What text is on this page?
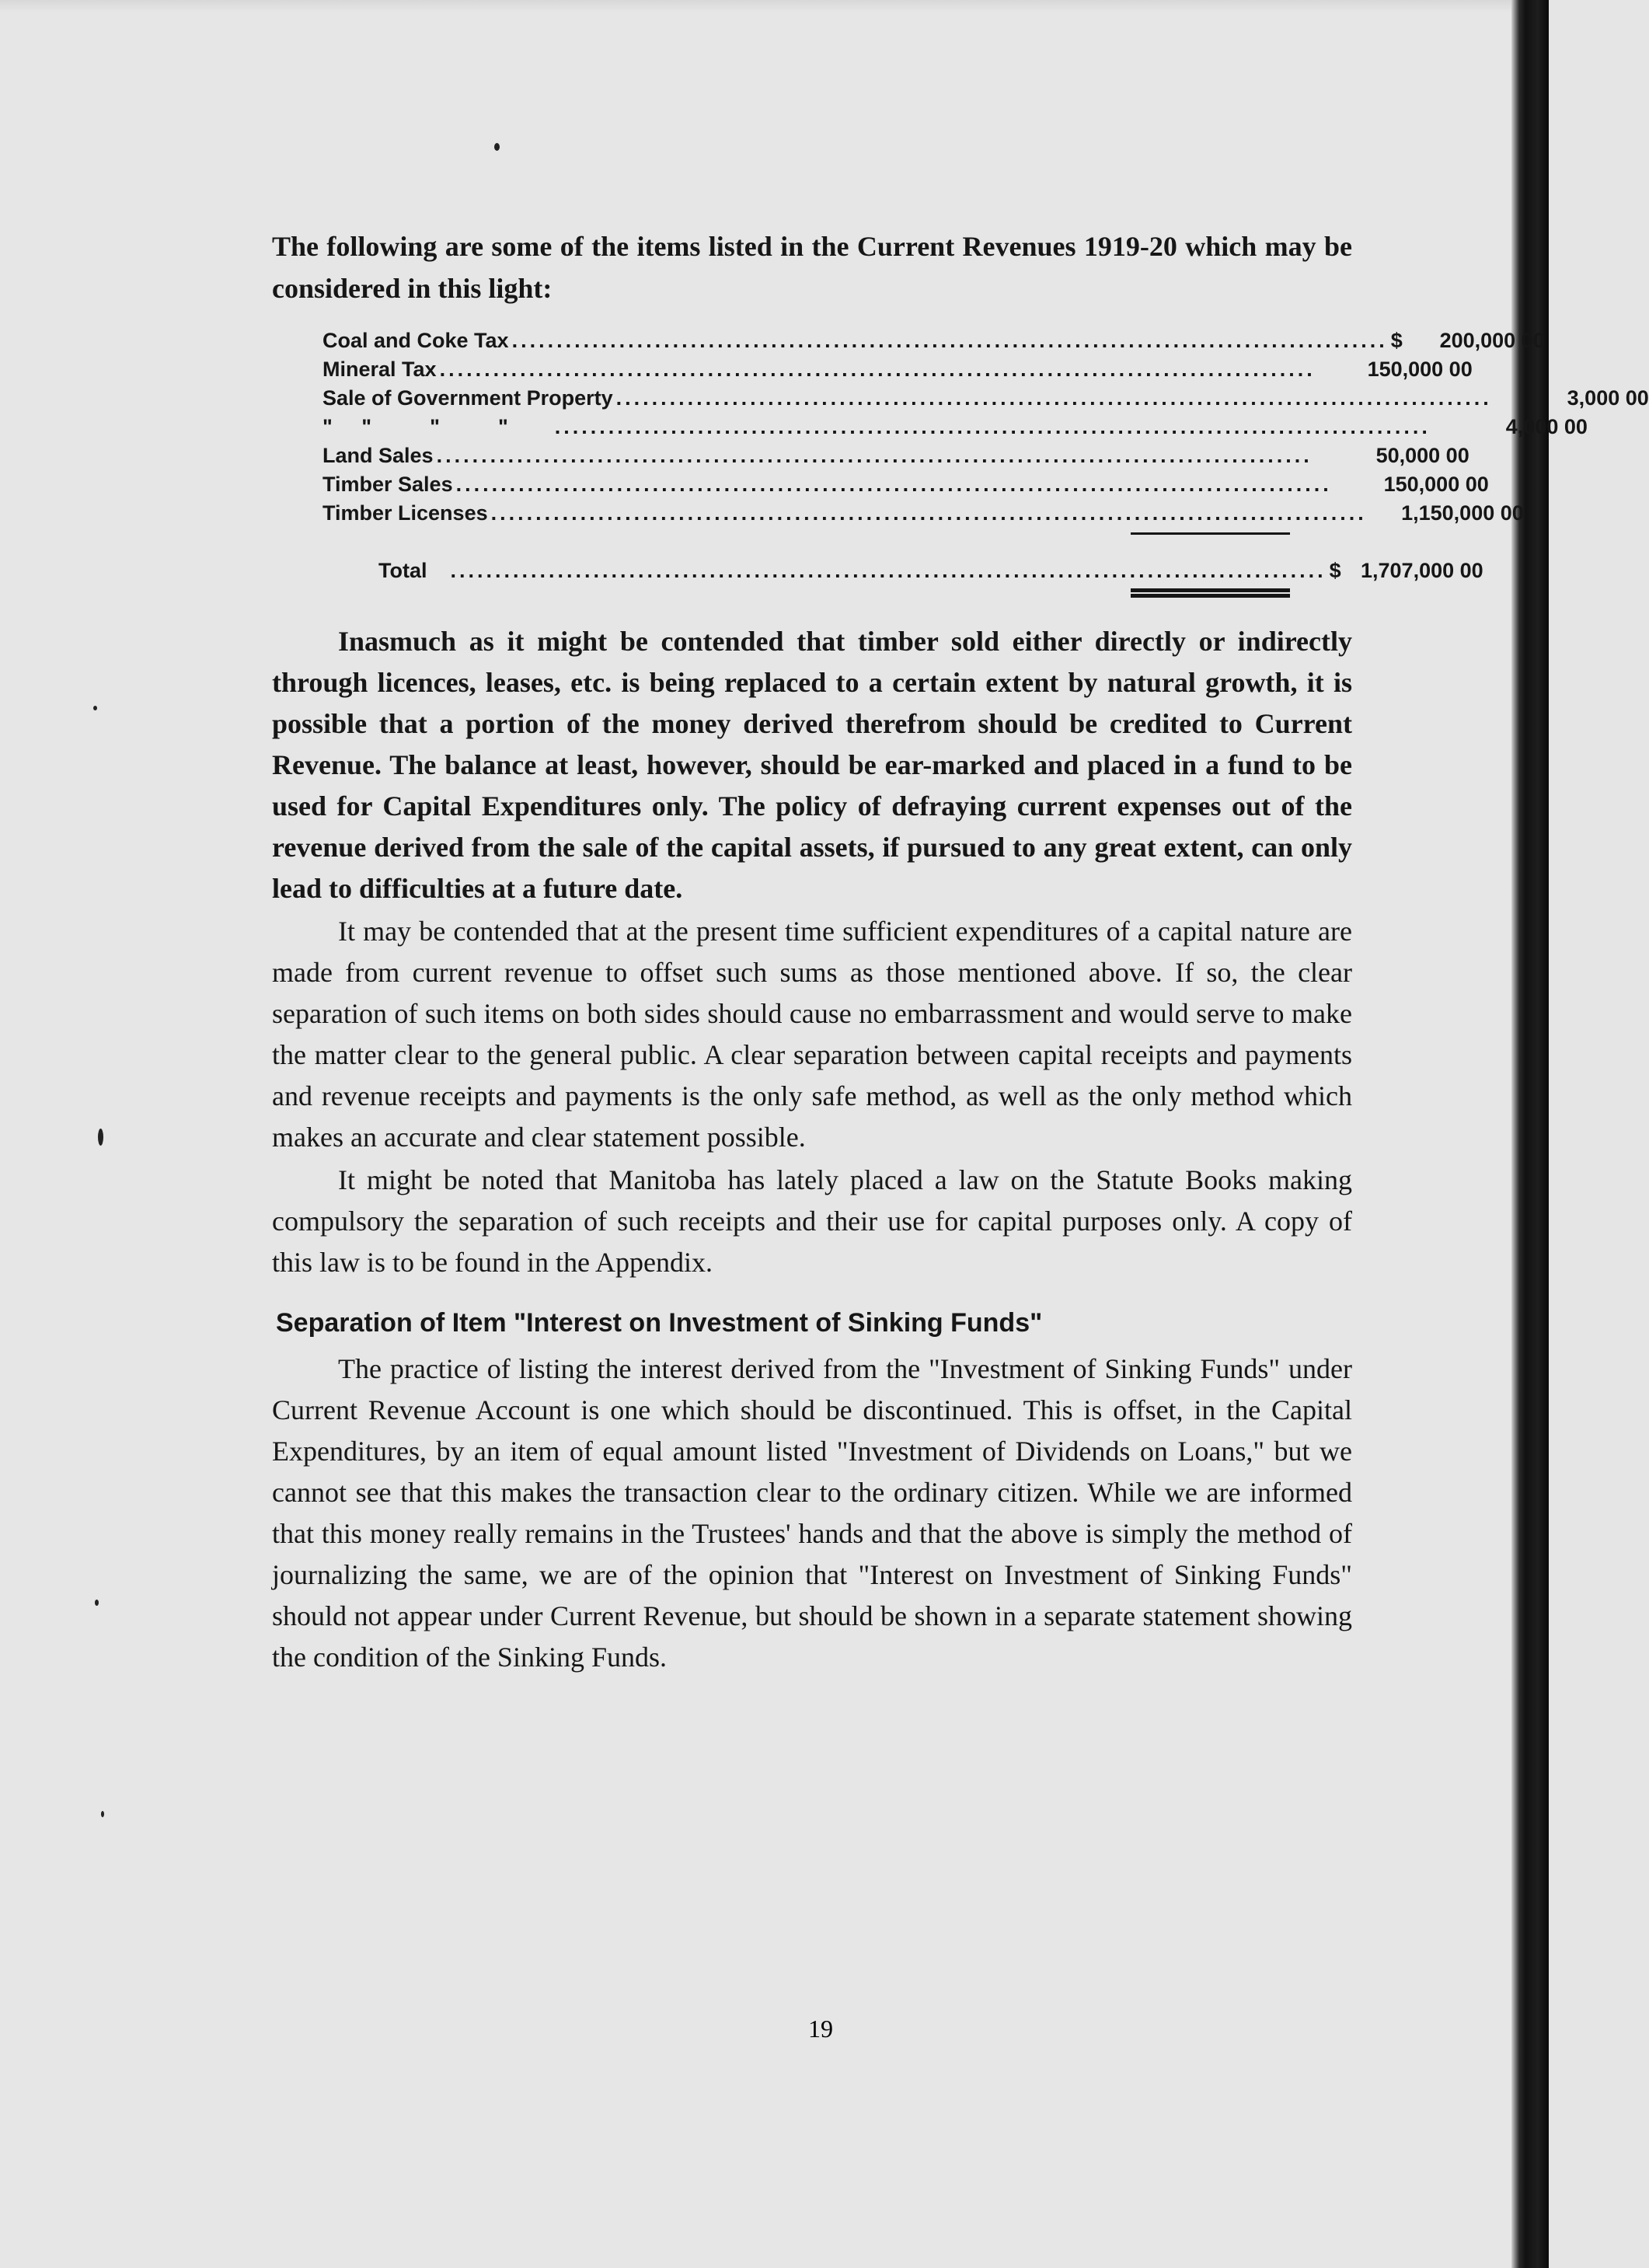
The following are some of the items listed in the Current Revenues 1919-20 which may be considered in this light:

Coal and Coke Tax .................................................................................................. $	200,000 00
Mineral Tax ..................................................................................................	150,000 00
Sale of Government Property ..................................................................................................	3,000 00
"     "          "          " ..................................................................................................	4,000 00
Land Sales ..................................................................................................	50,000 00
Timber Sales ..................................................................................................	150,000 00
Timber Licenses ..................................................................................................	1,150,000 00
Total .................................................................................................. $ 1,707,000 00

Inasmuch as it might be contended that timber sold either directly or indirectly through licences, leases, etc. is being replaced to a certain extent by natural growth, it is possible that a portion of the money derived therefrom should be credited to Current Revenue. The balance at least, however, should be ear-marked and placed in a fund to be used for Capital Expenditures only. The policy of defraying current expenses out of the revenue derived from the sale of the capital assets, if pursued to any great extent, can only lead to difficulties at a future date.

It may be contended that at the present time sufficient expenditures of a capital nature are made from current revenue to offset such sums as those mentioned above. If so, the clear separation of such items on both sides should cause no embarrassment and would serve to make the matter clear to the general public. A clear separation between capital receipts and payments and revenue receipts and payments is the only safe method, as well as the only method which makes an accurate and clear statement possible.

It might be noted that Manitoba has lately placed a law on the Statute Books making compulsory the separation of such receipts and their use for capital purposes only. A copy of this law is to be found in the Appendix.

Separation of Item "Interest on Investment of Sinking Funds"

The practice of listing the interest derived from the "Investment of Sinking Funds" under Current Revenue Account is one which should be discontinued. This is offset, in the Capital Expenditures, by an item of equal amount listed "Investment of Dividends on Loans," but we cannot see that this makes the transaction clear to the ordinary citizen. While we are informed that this money really remains in the Trustees' hands and that the above is simply the method of journalizing the same, we are of the opinion that "Interest on Investment of Sinking Funds" should not appear under Current Revenue, but should be shown in a separate statement showing the condition of the Sinking Funds.

19
